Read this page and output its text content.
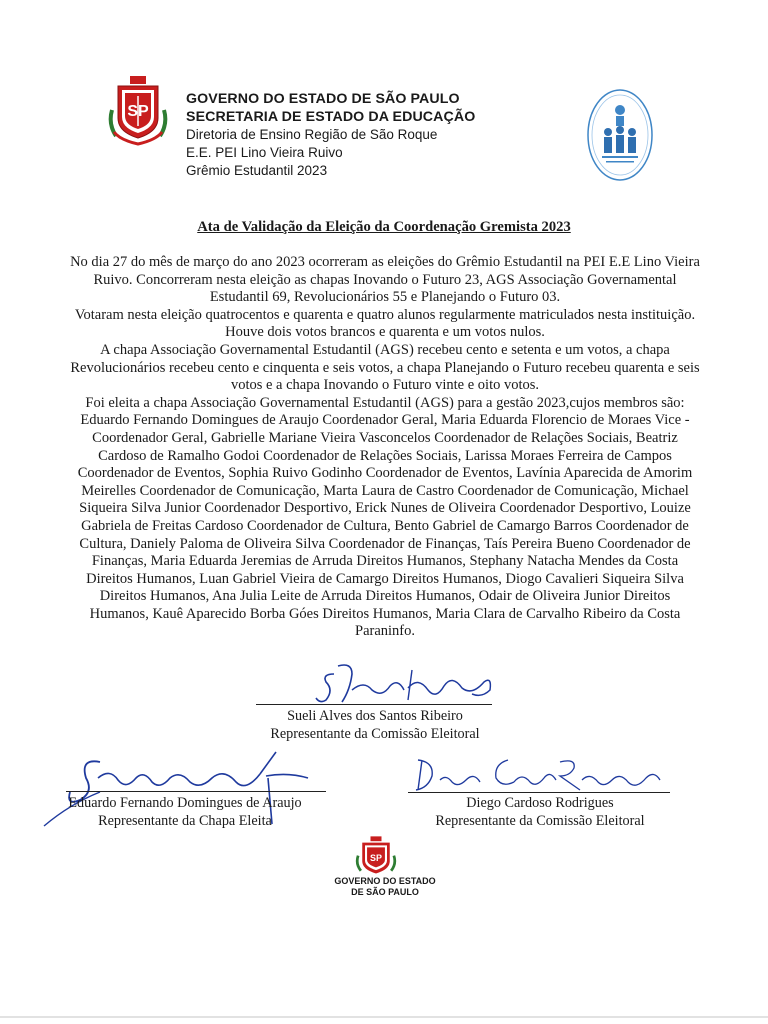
SP
GOVERNO DO ESTADO DE SÃO PAULO
SECRETARIA DE ESTADO DA EDUCAÇÃO
Diretoria de Ensino Região de São Roque
E.E. PEI Lino Vieira Ruivo
Grêmio Estudantil 2023
Ata de Validação da Eleição da Coordenação Gremista 2023

No dia 27 do mês de março do ano 2023 ocorreram as eleições do Grêmio Estudantil na PEI E.E Lino Vieira Ruivo. Concorreram nesta eleição as chapas Inovando o Futuro 23, AGS Associação Governamental Estudantil 69, Revolucionários 55 e Planejando o Futuro 03.

Votaram nesta eleição quatrocentos e quarenta e quatro alunos regularmente matriculados nesta instituição. Houve dois votos brancos e quarenta e um votos nulos.

A chapa Associação Governamental Estudantil (AGS) recebeu cento e setenta e um votos, a chapa Revolucionários recebeu cento e cinquenta e seis votos, a chapa Planejando o Futuro recebeu quarenta e seis votos e a chapa Inovando o Futuro vinte e oito votos.

Foi eleita a chapa Associação Governamental Estudantil (AGS) para a gestão 2023,cujos membros são: Eduardo Fernando Domingues de Araujo Coordenador Geral, Maria Eduarda Florencio de Moraes Vice - Coordenador Geral, Gabrielle Mariane Vieira Vasconcelos Coordenador de Relações Sociais, Beatriz Cardoso de Ramalho Godoi Coordenador de Relações Sociais, Larissa Moraes Ferreira de Campos Coordenador de Eventos, Sophia Ruivo Godinho Coordenador de Eventos, Lavínia Aparecida de Amorim Meirelles Coordenador de Comunicação, Marta Laura de Castro Coordenador de Comunicação, Michael Siqueira Silva Junior Coordenador Desportivo, Erick Nunes de Oliveira Coordenador Desportivo, Louize Gabriela de Freitas Cardoso Coordenador de Cultura, Bento Gabriel de Camargo Barros Coordenador de Cultura, Daniely Paloma de Oliveira Silva Coordenador de Finanças, Taís Pereira Bueno Coordenador de Finanças, Maria Eduarda Jeremias de Arruda Direitos Humanos, Stephany Natacha Mendes da Costa Direitos Humanos, Luan Gabriel Vieira de Camargo Direitos Humanos, Diogo Cavalieri Siqueira Silva Direitos Humanos, Ana Julia Leite de Arruda Direitos Humanos, Odair de Oliveira Junior Direitos Humanos, Kauê Aparecido Borba Góes Direitos Humanos, Maria Clara de Carvalho Ribeiro da Costa Paraninfo.

Sueli Alves dos Santos Ribeiro
Representante da Comissão Eleitoral
Eduardo Fernando Domingues de Araujo
Representante da Chapa Eleita
Diego Cardoso Rodrigues
Representante da Comissão Eleitoral
SP
GOVERNO DO ESTADO
DE SÃO PAULO
